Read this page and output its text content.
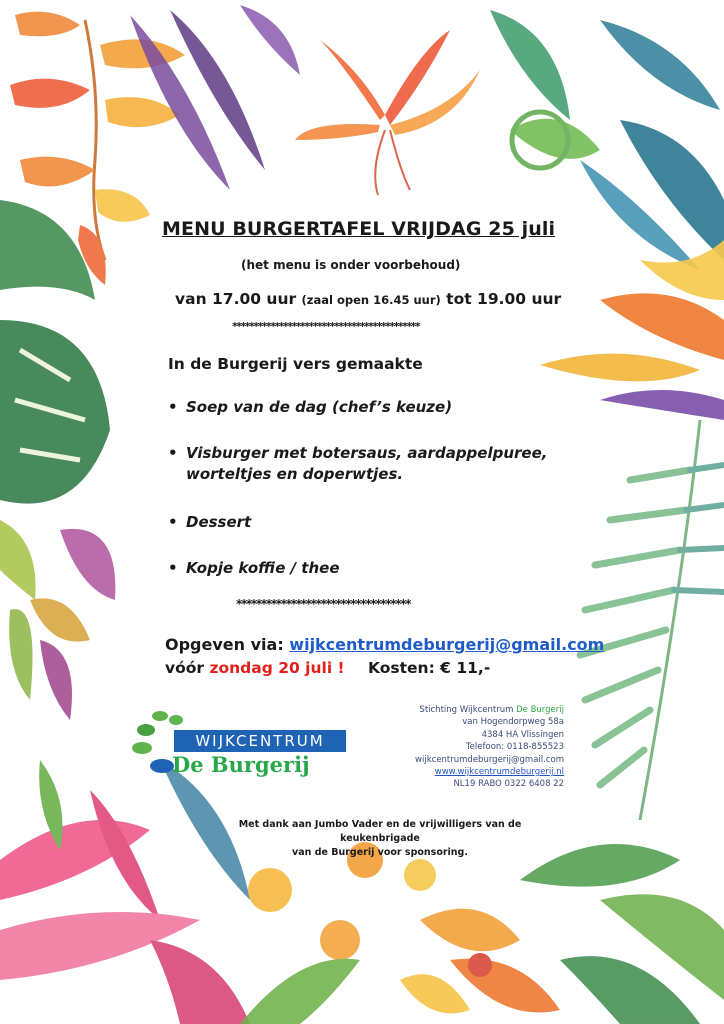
MENU BURGERTAFEL VRIJDAG 25 juli
(het menu is onder voorbehoud)
van 17.00 uur (zaal open 16.45 uur) tot 19.00 uur
********************************************
In de Burgerij vers gemaakte
• Soep van de dag (chef’s keuze)
• Visburger met botersaus, aardappelpuree,
worteltjes en doperwtjes.
• Dessert
• Kopje koffie / thee
***********************************
Opgeven via: wijkcentrumdeburgerij@gmail.com
vóór zondag 20 juli ! Kosten: € 11,-
WIJKCENTRUM
De Burgerij
Stichting Wijkcentrum De Burgerij
van Hogendorpweg 58a
4384 HA Vlissingen
Telefoon: 0118-855523
wijkcentrumdeburgerij@gmail.com
www.wijkcentrumdeburgerij.nl
NL19 RABO 0322 6408 22
Met dank aan Jumbo Vader en de vrijwilligers van de keukenbrigade
van de Burgerij voor sponsoring.
